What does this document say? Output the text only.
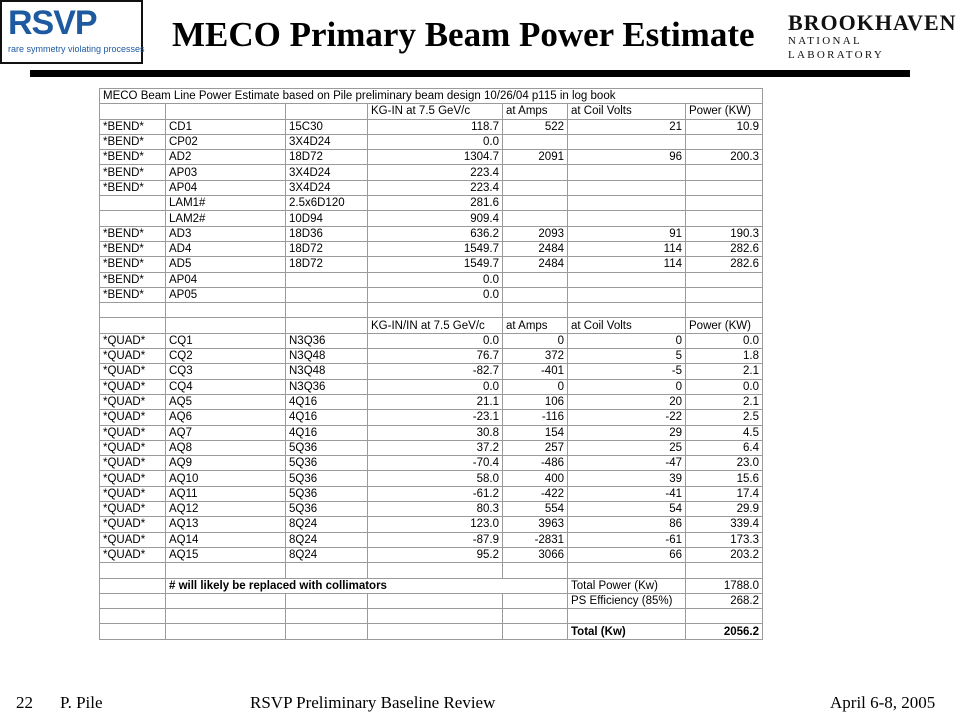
RSVP
rare symmetry violating processes MECO Primary Beam Power Estimate BROOKHAVEN
NATIONAL LABORATORY
MECO Beam Line Power Estimate based on Pile preliminary beam design 10/26/04 p115 in log book						
			KG-IN at 7.5 GeV/c	at Amps	at Coil Volts	Power (KW)
*BEND*	CD1	15C30	118.7	522	21	10.9
*BEND*	CP02	3X4D24	0.0			
*BEND*	AD2	18D72	1304.7	2091	96	200.3
*BEND*	AP03	3X4D24	223.4			
*BEND*	AP04	3X4D24	223.4			
	LAM1#	2.5x6D120	281.6			
	LAM2#	10D94	909.4			
*BEND*	AD3	18D36	636.2	2093	91	190.3
*BEND*	AD4	18D72	1549.7	2484	114	282.6
*BEND*	AD5	18D72	1549.7	2484	114	282.6
*BEND*	AP04		0.0			
*BEND*	AP05		0.0			

			KG-IN/IN at 7.5 GeV/c	at Amps	at Coil Volts	Power (KW)
*QUAD*	CQ1	N3Q36	0.0	0	0	0.0
*QUAD*	CQ2	N3Q48	76.7	372	5	1.8
*QUAD*	CQ3	N3Q48	-82.7	-401	-5	2.1
*QUAD*	CQ4	N3Q36	0.0	0	0	0.0
*QUAD*	AQ5	4Q16	21.1	106	20	2.1
*QUAD*	AQ6	4Q16	-23.1	-116	-22	2.5
*QUAD*	AQ7	4Q16	30.8	154	29	4.5
*QUAD*	AQ8	5Q36	37.2	257	25	6.4
*QUAD*	AQ9	5Q36	-70.4	-486	-47	23.0
*QUAD*	AQ10	5Q36	58.0	400	39	15.6
*QUAD*	AQ11	5Q36	-61.2	-422	-41	17.4
*QUAD*	AQ12	5Q36	80.3	554	54	29.9
*QUAD*	AQ13	8Q24	123.0	3963	86	339.4
*QUAD*	AQ14	8Q24	-87.9	-2831	-61	173.3
*QUAD*	AQ15	8Q24	95.2	3066	66	203.2

	# will likely be replaced with collimators				Total Power (Kw)	1788.0
					PS Efficiency (85%)	268.2

					Total (Kw)	2056.2
22 P. Pile	RSVP Preliminary Baseline Review	April 6-8, 2005
